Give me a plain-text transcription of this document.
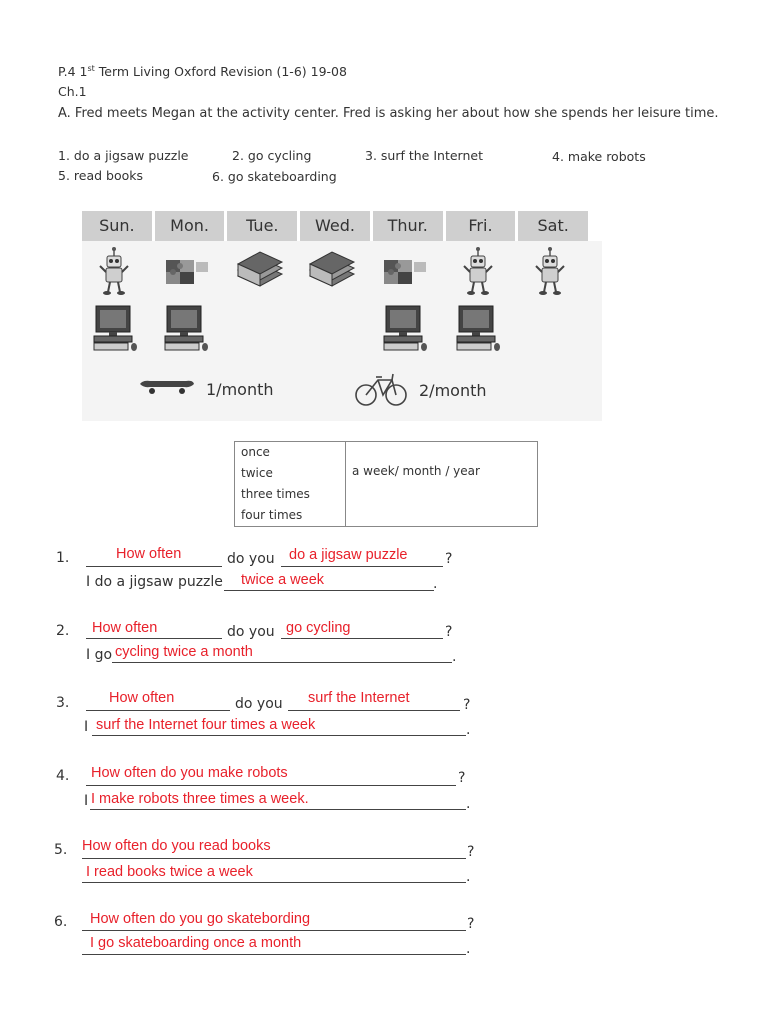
P.4 1st Term Living Oxford Revision (1-6) 19-08
Ch.1
A. Fred meets Megan at the activity center. Fred is asking her about how she spends her leisure time.
1. do a jigsaw puzzle	2. go cycling	3. surf the Internet	4. make robots
5. read books	6. go skateboarding
Sun.	Mon.	Tue.	Wed.	Thur.	Fri.	Sat.
1/month	2/month
once
twice
three times
four times
	a week/ month / year
1.	How often	do you do a jigsaw puzzle	?
I do a jigsaw puzzle twice a week	.
2. How often	do you go cycling	?
I go cycling twice a month	.
3.	How often	do you surf the Internet	?
I surf the Internet four times a week	.
4. How often do you make robots	?
I I make robots three times a week.	.
5. How often do you read books	?
I read books twice a week	.
6. How often do you go skatebording	?
I go skateboarding once a month	.
